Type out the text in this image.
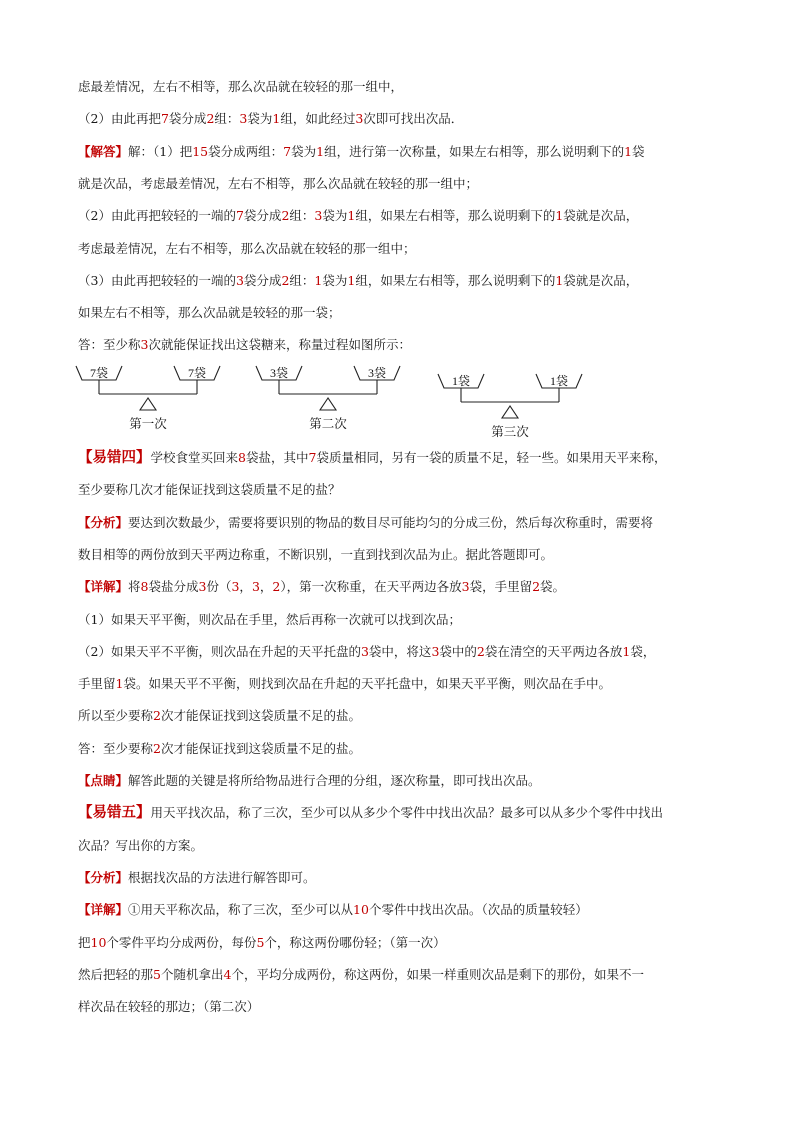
虑最差情况，左右不相等，那么次品就在较轻的那一组中，
（2）由此再把7袋分成2组：3袋为1组，如此经过3次即可找出次品．
【解答】解：（1）把15袋分成两组：7袋为1组，进行第一次称量，如果左右相等，那么说明剩下的1袋
就是次品，考虑最差情况，左右不相等，那么次品就在较轻的那一组中；
（2）由此再把较轻的一端的7袋分成2组：3袋为1组，如果左右相等，那么说明剩下的1袋就是次品，
考虑最差情况，左右不相等，那么次品就在较轻的那一组中；
（3）由此再把较轻的一端的3袋分成2组：1袋为1组，如果左右相等，那么说明剩下的1袋就是次品，
如果左右不相等，那么次品就是较轻的那一袋；
答：至少称3次就能保证找出这袋糖来，称量过程如图所示：
7袋	7袋
第一次
3袋	3袋
第二次
1袋	1袋
第三次
【易错四】学校食堂买回来8袋盐，其中7袋质量相同，另有一袋的质量不足，轻一些。如果用天平来称，
至少要称几次才能保证找到这袋质量不足的盐？
【分析】要达到次数最少，需要将要识别的物品的数目尽可能均匀的分成三份，然后每次称重时，需要将
数目相等的两份放到天平两边称重，不断识别，一直到找到次品为止。据此答题即可。
【详解】将8袋盐分成3份（3，3，2），第一次称重，在天平两边各放3袋，手里留2袋。
（1）如果天平平衡，则次品在手里，然后再称一次就可以找到次品；
（2）如果天平不平衡，则次品在升起的天平托盘的3袋中，将这3袋中的2袋在清空的天平两边各放1袋，
手里留1袋。如果天平不平衡，则找到次品在升起的天平托盘中，如果天平平衡，则次品在手中。
所以至少要称2次才能保证找到这袋质量不足的盐。
答：至少要称2次才能保证找到这袋质量不足的盐。
【点睛】解答此题的关键是将所给物品进行合理的分组，逐次称量，即可找出次品。
【易错五】用天平找次品，称了三次，至少可以从多少个零件中找出次品？最多可以从多少个零件中找出
次品？写出你的方案。
【分析】根据找次品的方法进行解答即可。
【详解】①用天平称次品，称了三次，至少可以从10个零件中找出次品。（次品的质量较轻）
把10个零件平均分成两份，每份5个，称这两份哪份轻；（第一次）
然后把轻的那5个随机拿出4个，平均分成两份，称这两份，如果一样重则次品是剩下的那份，如果不一
样次品在较轻的那边；（第二次）
